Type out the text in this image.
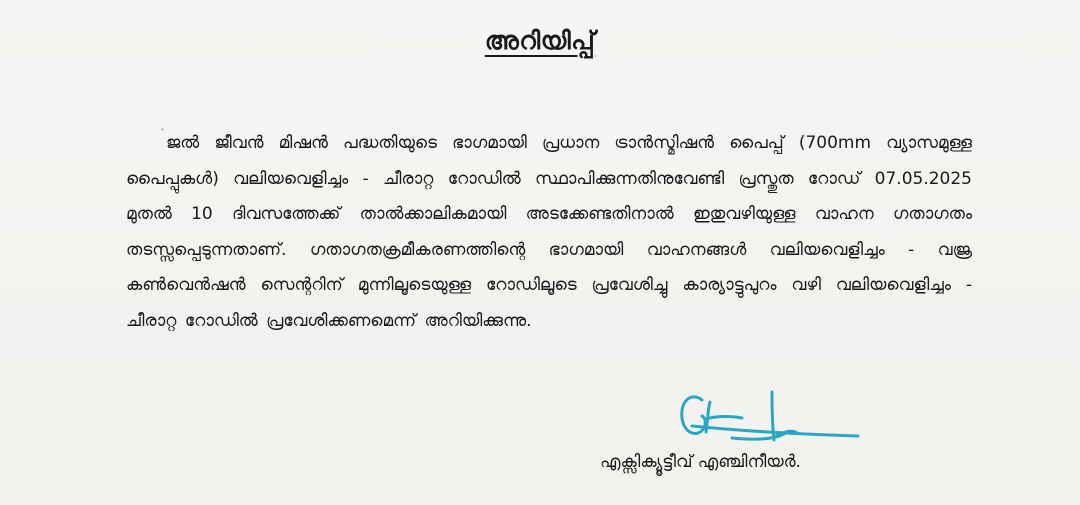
അറിയിപ്പ്
·

ജൽ ജീവൻ മിഷൻ പദ്ധതിയുടെ ഭാഗമായി പ്രധാന ട്രാൻസ്മിഷൻ പൈപ്പ് (700mm വ്യാസമുള്ള പൈപ്പുകൾ) വലിയവെളിച്ചം - ചീരാറ്റ റോഡിൽ സ്ഥാപിക്കുന്നതിനുവേണ്ടി പ്രസ്തുത റോഡ് 07.05.2025 മുതൽ 10 ദിവസത്തേക്ക് താൽക്കാലികമായി അടക്കേണ്ടതിനാൽ ഇതുവഴിയുള്ള വാഹന ഗതാഗതം തടസ്സപ്പെടുന്നതാണ്. ഗതാഗതക്രമീകരണത്തിന്റെ ഭാഗമായി വാഹനങ്ങൾ വലിയവെളിച്ചം - വജ്ര കൺവെൻഷൻ സെന്ററിന് മുന്നിലൂടെയുള്ള റോഡിലൂടെ പ്രവേശിച്ചു കാര്യാട്ടുപുറം വഴി വലിയവെളിച്ചം - ചീരാറ്റ റോഡിൽ പ്രവേശിക്കണമെന്ന് അറിയിക്കുന്നു.

എക്സിക്യൂട്ടീവ് എഞ്ചിനീയർ.
